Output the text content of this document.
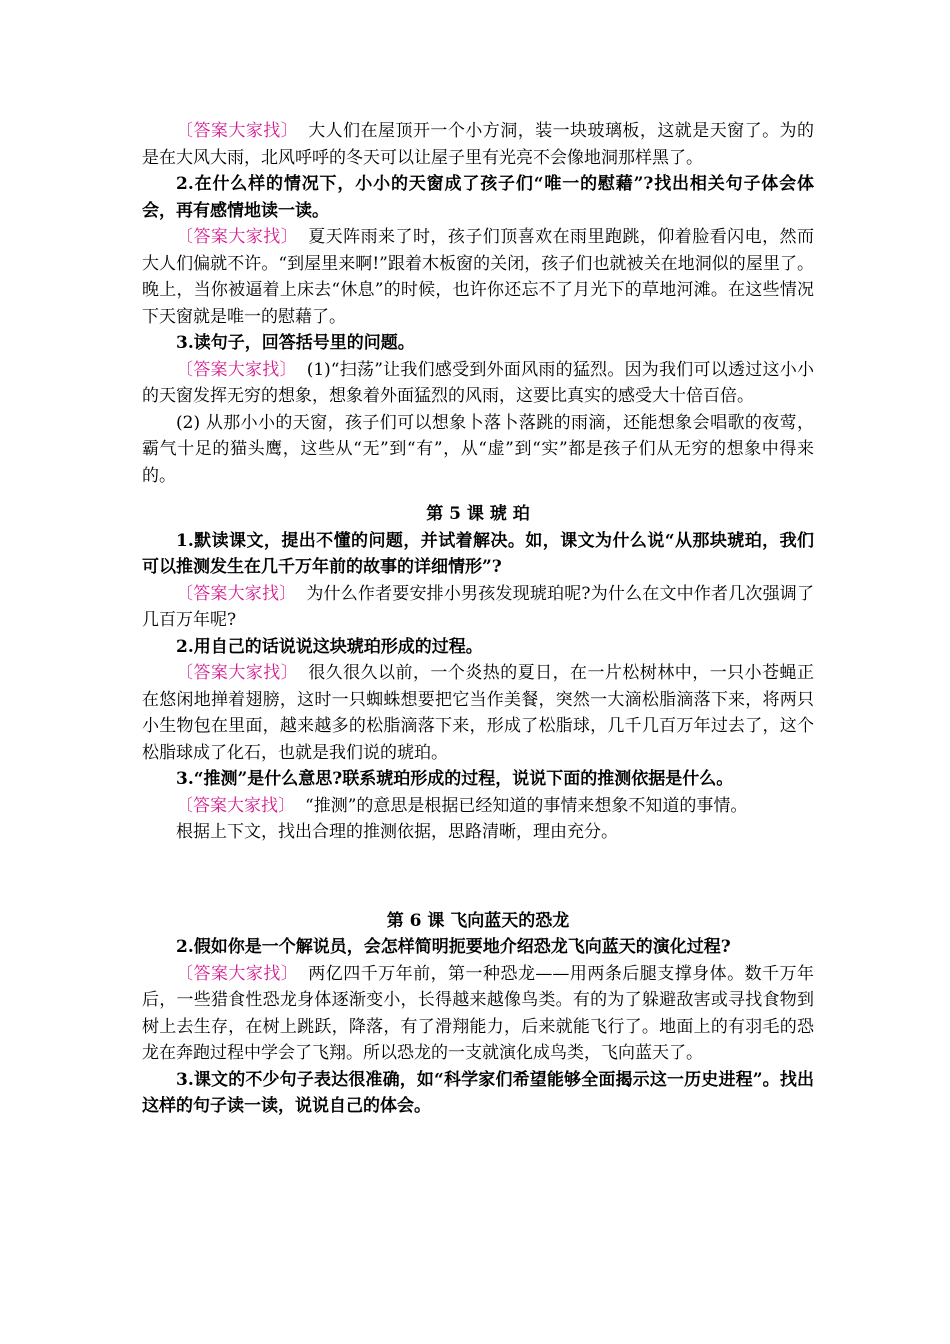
〔答案大家找〕 大人们在屋顶开一个小方洞，装一块玻璃板，这就是天窗了。为的是在大风大雨，北风呼呼的冬天可以让屋子里有光亮不会像地洞那样黑了。

2.在什么样的情况下，小小的天窗成了孩子们“唯一的慰藉”?找出相关句子体会体会，再有感情地读一读。

〔答案大家找〕 夏天阵雨来了时，孩子们顶喜欢在雨里跑跳，仰着脸看闪电，然而大人们偏就不许。“到屋里来啊!”跟着木板窗的关闭，孩子们也就被关在地洞似的屋里了。晚上，当你被逼着上床去“休息”的时候，也许你还忘不了月光下的草地河滩。在这些情况下天窗就是唯一的慰藉了。

3.读句子，回答括号里的问题。

〔答案大家找〕 (1)“扫荡”让我们感受到外面风雨的猛烈。因为我们可以透过这小小的天窗发挥无穷的想象，想象着外面猛烈的风雨，这要比真实的感受大十倍百倍。

(2) 从那小小的天窗，孩子们可以想象卜落卜落跳的雨滴，还能想象会唱歌的夜莺，霸气十足的猫头鹰，这些从“无”到“有”，从“虚”到“实”都是孩子们从无穷的想象中得来的。

第 5 课 琥 珀

1.默读课文，提出不懂的问题，并试着解决。如，课文为什么说“从那块琥珀，我们可以推测发生在几千万年前的故事的详细情形”?

〔答案大家找〕 为什么作者要安排小男孩发现琥珀呢?为什么在文中作者几次强调了几百万年呢?

2.用自己的话说说这块琥珀形成的过程。

〔答案大家找〕 很久很久以前，一个炎热的夏日，在一片松树林中，一只小苍蝇正在悠闲地掸着翅膀，这时一只蜘蛛想要把它当作美餐，突然一大滴松脂滴落下来，将两只小生物包在里面，越来越多的松脂滴落下来，形成了松脂球，几千几百万年过去了，这个松脂球成了化石，也就是我们说的琥珀。

3.“推测”是什么意思?联系琥珀形成的过程，说说下面的推测依据是什么。

〔答案大家找〕 “推测”的意思是根据已经知道的事情来想象不知道的事情。

根据上下文，找出合理的推测依据，思路清晰，理由充分。

第 6 课 飞向蓝天的恐龙

2.假如你是一个解说员，会怎样简明扼要地介绍恐龙飞向蓝天的演化过程?

〔答案大家找〕 两亿四千万年前，第一种恐龙——用两条后腿支撑身体。数千万年后，一些猎食性恐龙身体逐渐变小，长得越来越像鸟类。有的为了躲避敌害或寻找食物到树上去生存，在树上跳跃，降落，有了滑翔能力，后来就能飞行了。地面上的有羽毛的恐龙在奔跑过程中学会了飞翔。所以恐龙的一支就演化成鸟类，飞向蓝天了。

3.课文的不少句子表达很准确，如“科学家们希望能够全面揭示这一历史进程”。找出这样的句子读一读，说说自己的体会。
